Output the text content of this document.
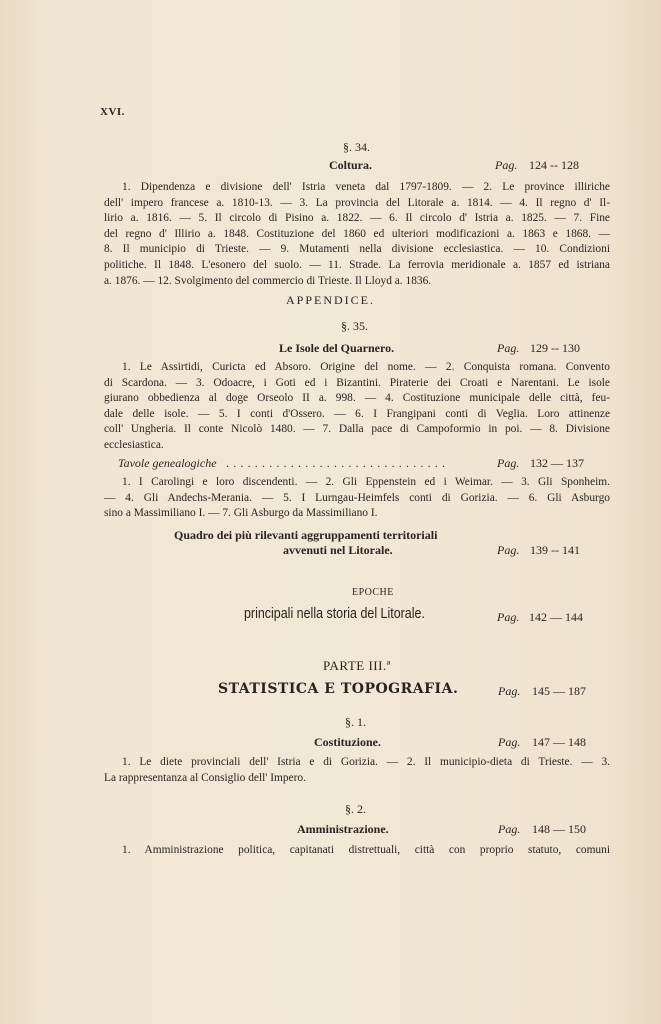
XVI.
§. 34.
Coltura.	Pag. 124 -- 128
1. Dipendenza e divisione dell' Istria veneta dal 1797-1809. — 2. Le province illiriche
dell' impero francese a. 1810-13. — 3. La provincia del Litorale a. 1814. — 4. Il regno d' Il-
lirio a. 1816. — 5. Il circolo di Pisino a. 1822. — 6. Il circolo d' Istria a. 1825. — 7. Fine
del regno d' Illirio a. 1848. Costituzione del 1860 ed ulteriori modificazioni a. 1863 e 1868. —
8. Il municipio di Trieste. — 9. Mutamenti nella divisione ecclesiastica. — 10. Condizioni
politiche. Il 1848. L'esonero del suolo. — 11. Strade. La ferrovia meridionale a. 1857 ed istriana
a. 1876. — 12. Svolgimento del commercio di Trieste. Il Lloyd a. 1836.
APPENDICE.
§. 35.
Le Isole del Quarnero.	Pag. 129 -- 130
1. Le Assirtidi, Curicta ed Absoro. Origine del nome. — 2. Conquista romana. Convento
di Scardona. — 3. Odoacre, i Goti ed i Bizantini. Piraterie dei Croati e Narentani. Le isole
giurano obbedienza al doge Orseolo II a. 998. — 4. Costituzione municipale delle città, feu-
dale delle isole. — 5. I conti d'Ossero. — 6. I Frangipani conti di Veglia. Loro attinenze
coll' Ungheria. Il conte Nicolò 1480. — 7. Dalla pace di Campoformio in poi. — 8. Divisione
ecclesiastica.
Tavole genealogiche . . . . . . . . . . . . . . . . . . . . . . . . . . . . . . .	Pag. 132 — 137
1. I Carolingi e loro discendenti. — 2. Gli Eppenstein ed i Weimar. — 3. Gli Sponheim.
— 4. Gli Andechs-Merania. — 5. I Lurngau-Heimfels conti di Gorizia. — 6. Gli Asburgo
sino a Massimiliano I. — 7. Gli Asburgo da Massimiliano I.
Quadro dei più rilevanti aggruppamenti territoriali
avvenuti nel Litorale.	Pag. 139 -- 141
EPOCHE
principali nella storia del Litorale.	Pag. 142 — 144
PARTE III.ª
STATISTICA E TOPOGRAFIA.	Pag. 145 — 187
§. 1.
Costituzione.	Pag. 147 — 148
1. Le diete provinciali dell' Istria e di Gorizia. — 2. Il municipio-dieta di Trieste. — 3.
La rappresentanza al Consiglio dell' Impero.
§. 2.
Amministrazione.	Pag. 148 — 150
1. Amministrazione politica, capitanati distrettuali, città con proprio statuto, comuni
